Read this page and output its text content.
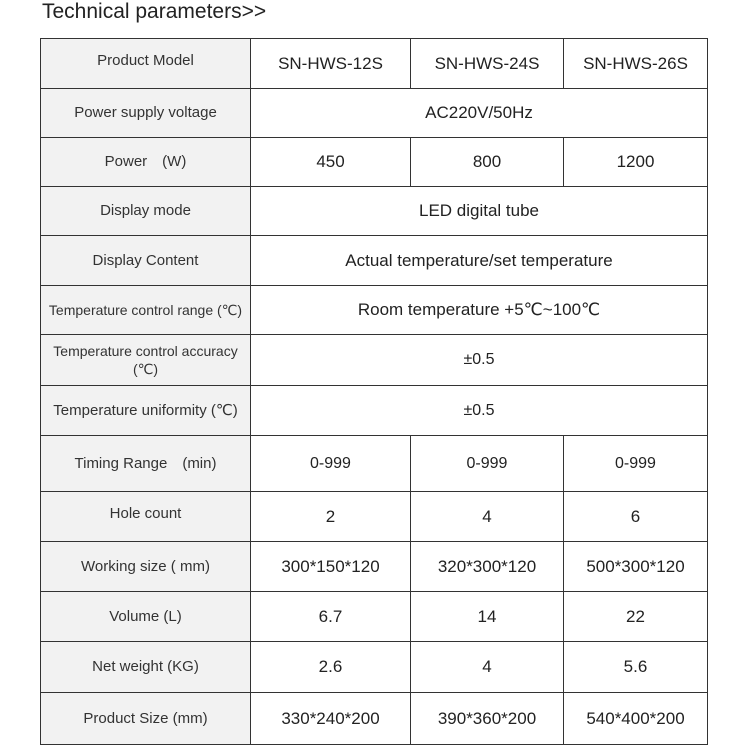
Technical parameters>>
Product Model	SN-HWS-12S	SN-HWS-24S	SN-HWS-26S
Power supply voltage	AC220V/50Hz		
Power　(W)	450	800	1200
Display mode	LED digital tube		
Display Content	Actual temperature/set temperature		
Temperature control range (℃)	Room temperature +5℃~100℃		
Temperature control accuracy (℃)	±0.5		
Temperature uniformity (℃)	±0.5		
Timing Range　(min)	0-999	0-999	0-999
Hole count	2	4	6
Working size ( mm)	300*150*120	320*300*120	500*300*120
Volume (L)	6.7	14	22
Net weight (KG)	2.6	4	5.6
Product Size (mm)	330*240*200	390*360*200	540*400*200
